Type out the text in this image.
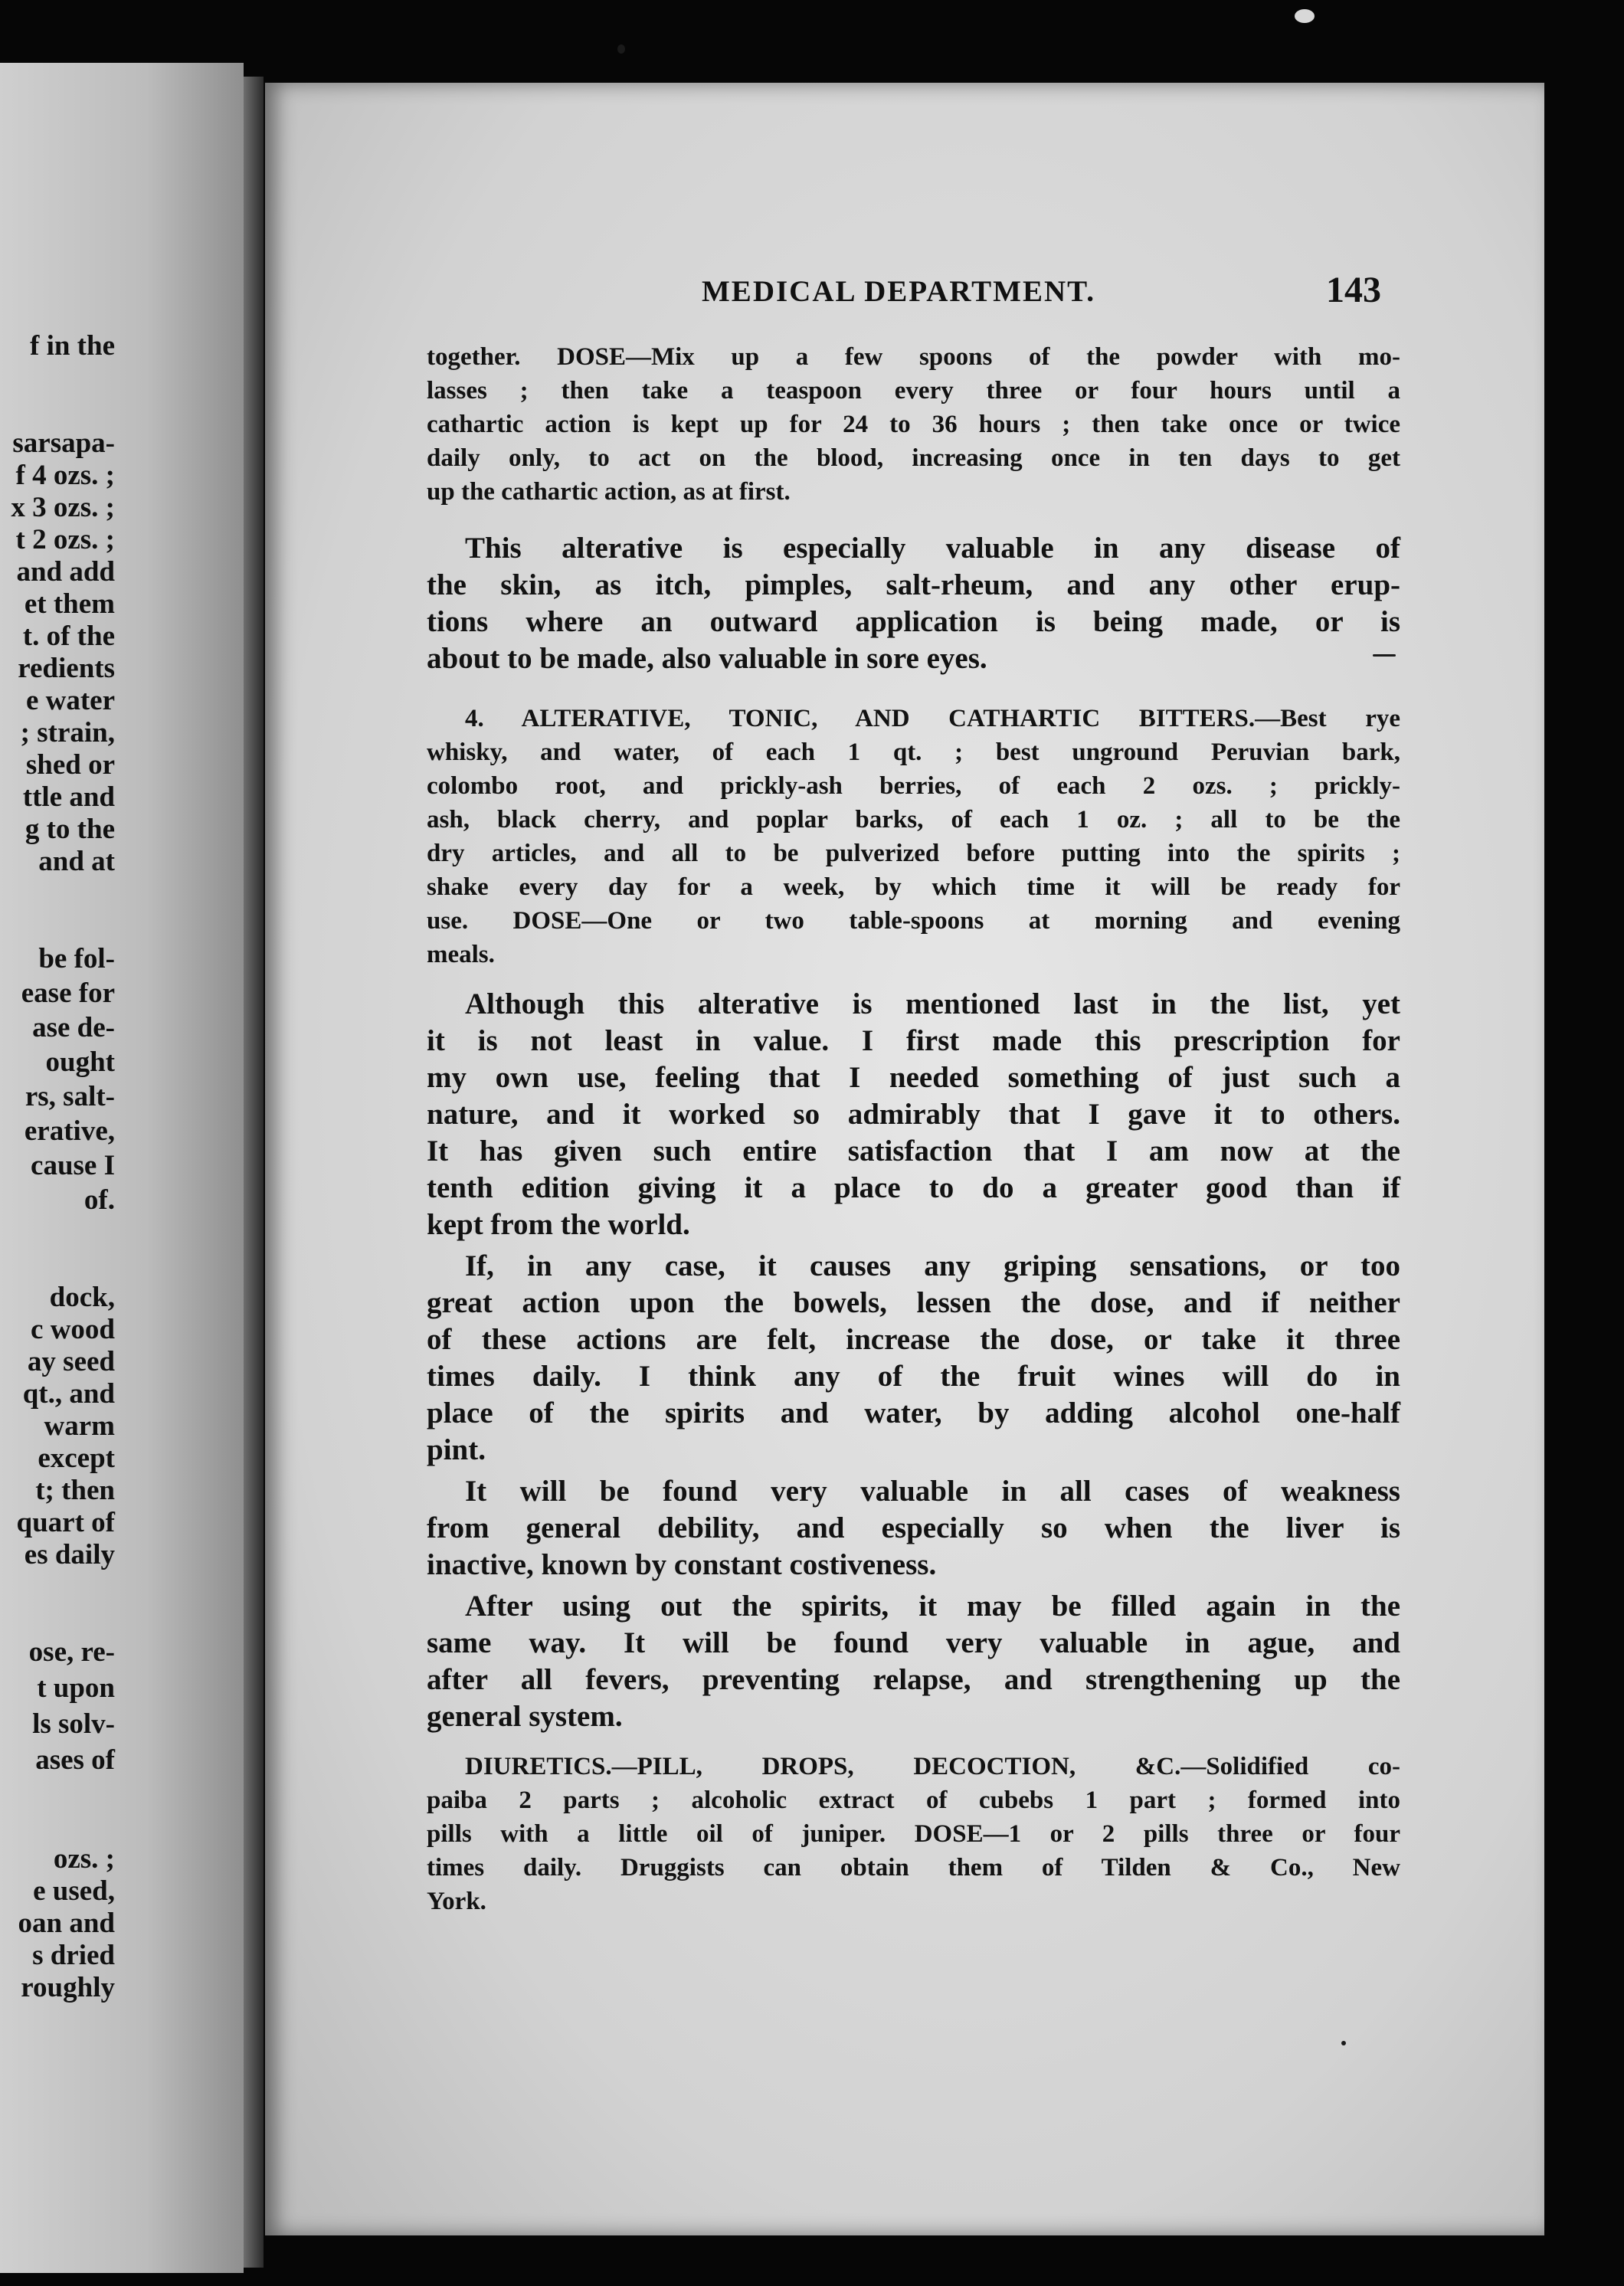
f in the
sarsapa-
f 4 ozs. ;
x 3 ozs. ;
t 2 ozs. ;
and add
et them
t. of the
redients
e water
; strain,
shed or
ttle and
g to the
and at
be fol-
ease for
ase de-
ought
rs, salt-
erative,
cause I
of.
dock,
c wood
ay seed
qt., and
warm
except
t; then
quart of
es daily
ose, re-
t upon
ls solv-
ases of
ozs. ;
e used,
oan and
s dried
roughly
MEDICAL DEPARTMENT.	143
together. DOSE—Mix up a few spoons of the powder with mo-
lasses ; then take a teaspoon every three or four hours until a
cathartic action is kept up for 24 to 36 hours ; then take once or twice
daily only, to act on the blood, increasing once in ten days to get
up the cathartic action, as at first.
This alterative is especially valuable in any disease of
the skin, as itch, pimples, salt-rheum, and any other erup-
tions where an outward application is being made, or is
about to be made, also valuable in sore eyes.
4. ALTERATIVE, TONIC, AND CATHARTIC BITTERS.—Best rye
whisky, and water, of each 1 qt. ; best unground Peruvian bark,
colombo root, and prickly-ash berries, of each 2 ozs. ; prickly-
ash, black cherry, and poplar barks, of each 1 oz. ; all to be the
dry articles, and all to be pulverized before putting into the spirits ;
shake every day for a week, by which time it will be ready for
use. DOSE—One or two table-spoons at morning and evening
meals.
Although this alterative is mentioned last in the list, yet
it is not least in value. I first made this prescription for
my own use, feeling that I needed something of just such a
nature, and it worked so admirably that I gave it to others.
It has given such entire satisfaction that I am now at the
tenth edition giving it a place to do a greater good than if
kept from the world.
If, in any case, it causes any griping sensations, or too
great action upon the bowels, lessen the dose, and if neither
of these actions are felt, increase the dose, or take it three
times daily. I think any of the fruit wines will do in
place of the spirits and water, by adding alcohol one-half
pint.
It will be found very valuable in all cases of weakness
from general debility, and especially so when the liver is
inactive, known by constant costiveness.
After using out the spirits, it may be filled again in the
same way. It will be found very valuable in ague, and
after all fevers, preventing relapse, and strengthening up the
general system.
DIURETICS.—PILL, DROPS, DECOCTION, &C.—Solidified co-
paiba 2 parts ; alcoholic extract of cubebs 1 part ; formed into
pills with a little oil of juniper. DOSE—1 or 2 pills three or four
times daily. Druggists can obtain them of Tilden & Co., New
York.
